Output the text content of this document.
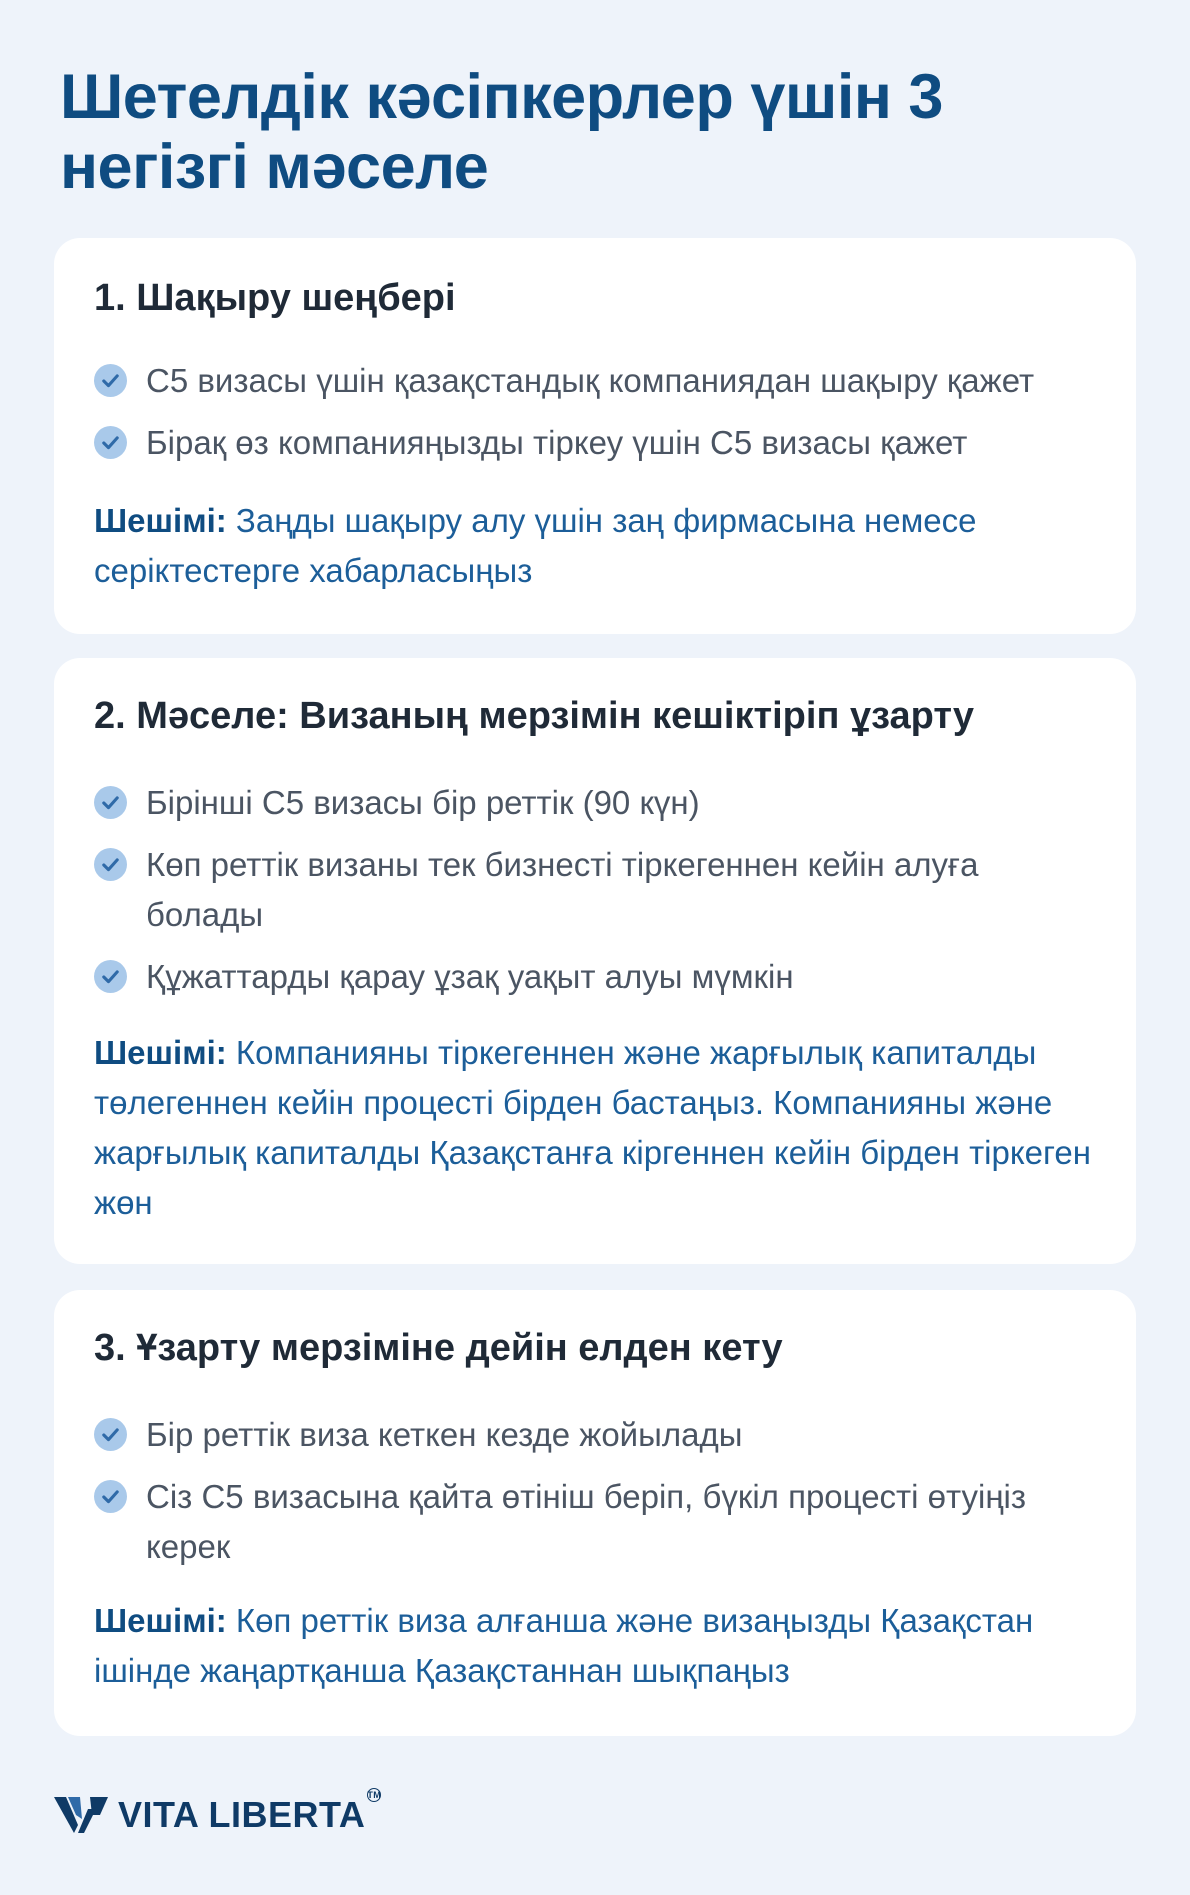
Шетелдік кәсіпкерлер үшін 3 негізгі мәселе
1. Шақыру шеңбері
C5 визасы үшін қазақстандық компаниядан шақыру қажет
Бірақ өз компанияңызды тіркеу үшін C5 визасы қажет

Шешімі: Заңды шақыру алу үшін заң фирмасына немесе серіктестерге хабарласыңыз

2. Мәселе: Визаның мерзімін кешіктіріп ұзарту
Бірінші C5 визасы бір реттік (90 күн)
Көп реттік визаны тек бизнесті тіркегеннен кейін алуға болады
Құжаттарды қарау ұзақ уақыт алуы мүмкін

Шешімі: Компанияны тіркегеннен және жарғылық капиталды төлегеннен кейін процесті бірден бастаңыз. Компанияны және жарғылық капиталды Қазақстанға кіргеннен кейін бірден тіркеген жөн

3. Ұзарту мерзіміне дейін елден кету
Бір реттік виза кеткен кезде жойылады
Сіз C5 визасына қайта өтініш беріп, бүкіл процесті өтуіңіз керек

Шешімі: Көп реттік виза алғанша және визаңызды Қазақстан ішінде жаңартқанша Қазақстаннан шықпаңыз

VITA LIBERTA TM
